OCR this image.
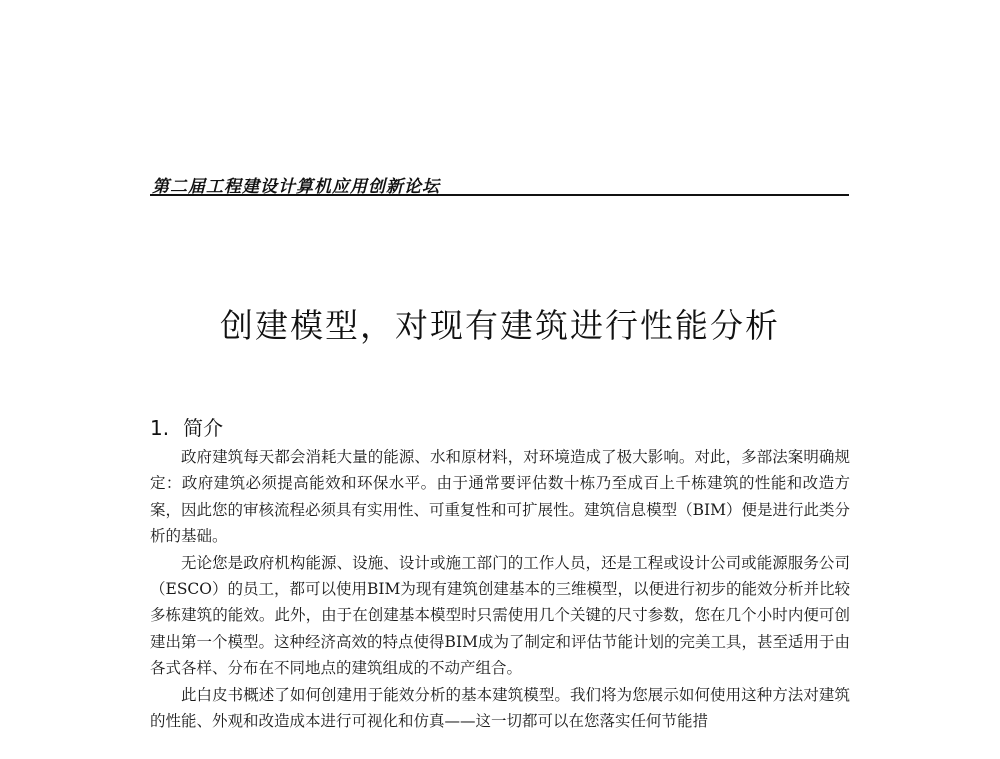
第二届工程建设计算机应用创新论坛
创建模型，对现有建筑进行性能分析
1. 简介

政府建筑每天都会消耗大量的能源、水和原材料，对环境造成了极大影响。对此，多部法案明确规定：政府建筑必须提高能效和环保水平。由于通常要评估数十栋乃至成百上千栋建筑的性能和改造方案，因此您的审核流程必须具有实用性、可重复性和可扩展性。建筑信息模型（BIM）便是进行此类分析的基础。

无论您是政府机构能源、设施、设计或施工部门的工作人员，还是工程或设计公司或能源服务公司（ESCO）的员工，都可以使用BIM为现有建筑创建基本的三维模型，以便进行初步的能效分析并比较多栋建筑的能效。此外，由于在创建基本模型时只需使用几个关键的尺寸参数，您在几个小时内便可创建出第一个模型。这种经济高效的特点使得BIM成为了制定和评估节能计划的完美工具，甚至适用于由各式各样、分布在不同地点的建筑组成的不动产组合。

此白皮书概述了如何创建用于能效分析的基本建筑模型。我们将为您展示如何使用这种方法对建筑的性能、外观和改造成本进行可视化和仿真——这一切都可以在您落实任何节能措
